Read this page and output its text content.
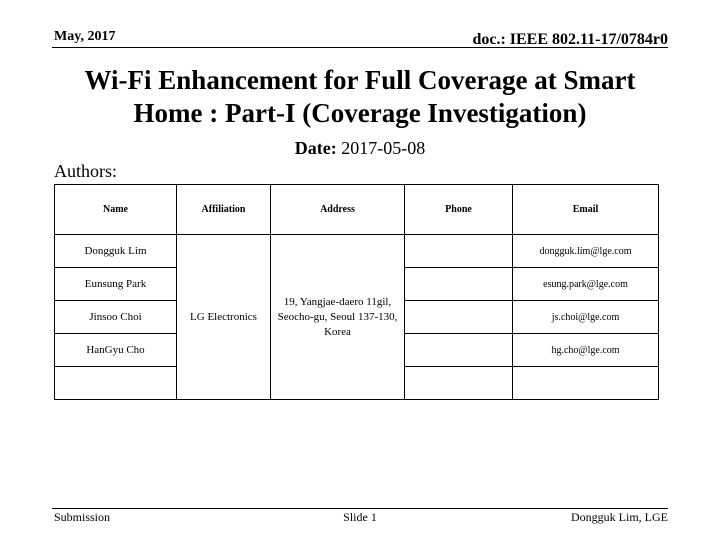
May, 2017	doc.: IEEE 802.11-17/0784r0
Wi-Fi Enhancement for Full Coverage at Smart
Home : Part-I (Coverage Investigation)
Date: 2017-05-08
Authors:
Name	Affiliation	Address	Phone	Email
Dongguk Lim	LG Electronics	19, Yangjae-daero 11gil, Seocho-gu, Seoul 137-130, Korea		dongguk.lim@lge.com
Eunsung Park				esung.park@lge.com
Jinsoo Choi				js.choi@lge.com
HanGyu Cho				hg.cho@lge.com

Submission	Slide 1	Dongguk Lim, LGE
